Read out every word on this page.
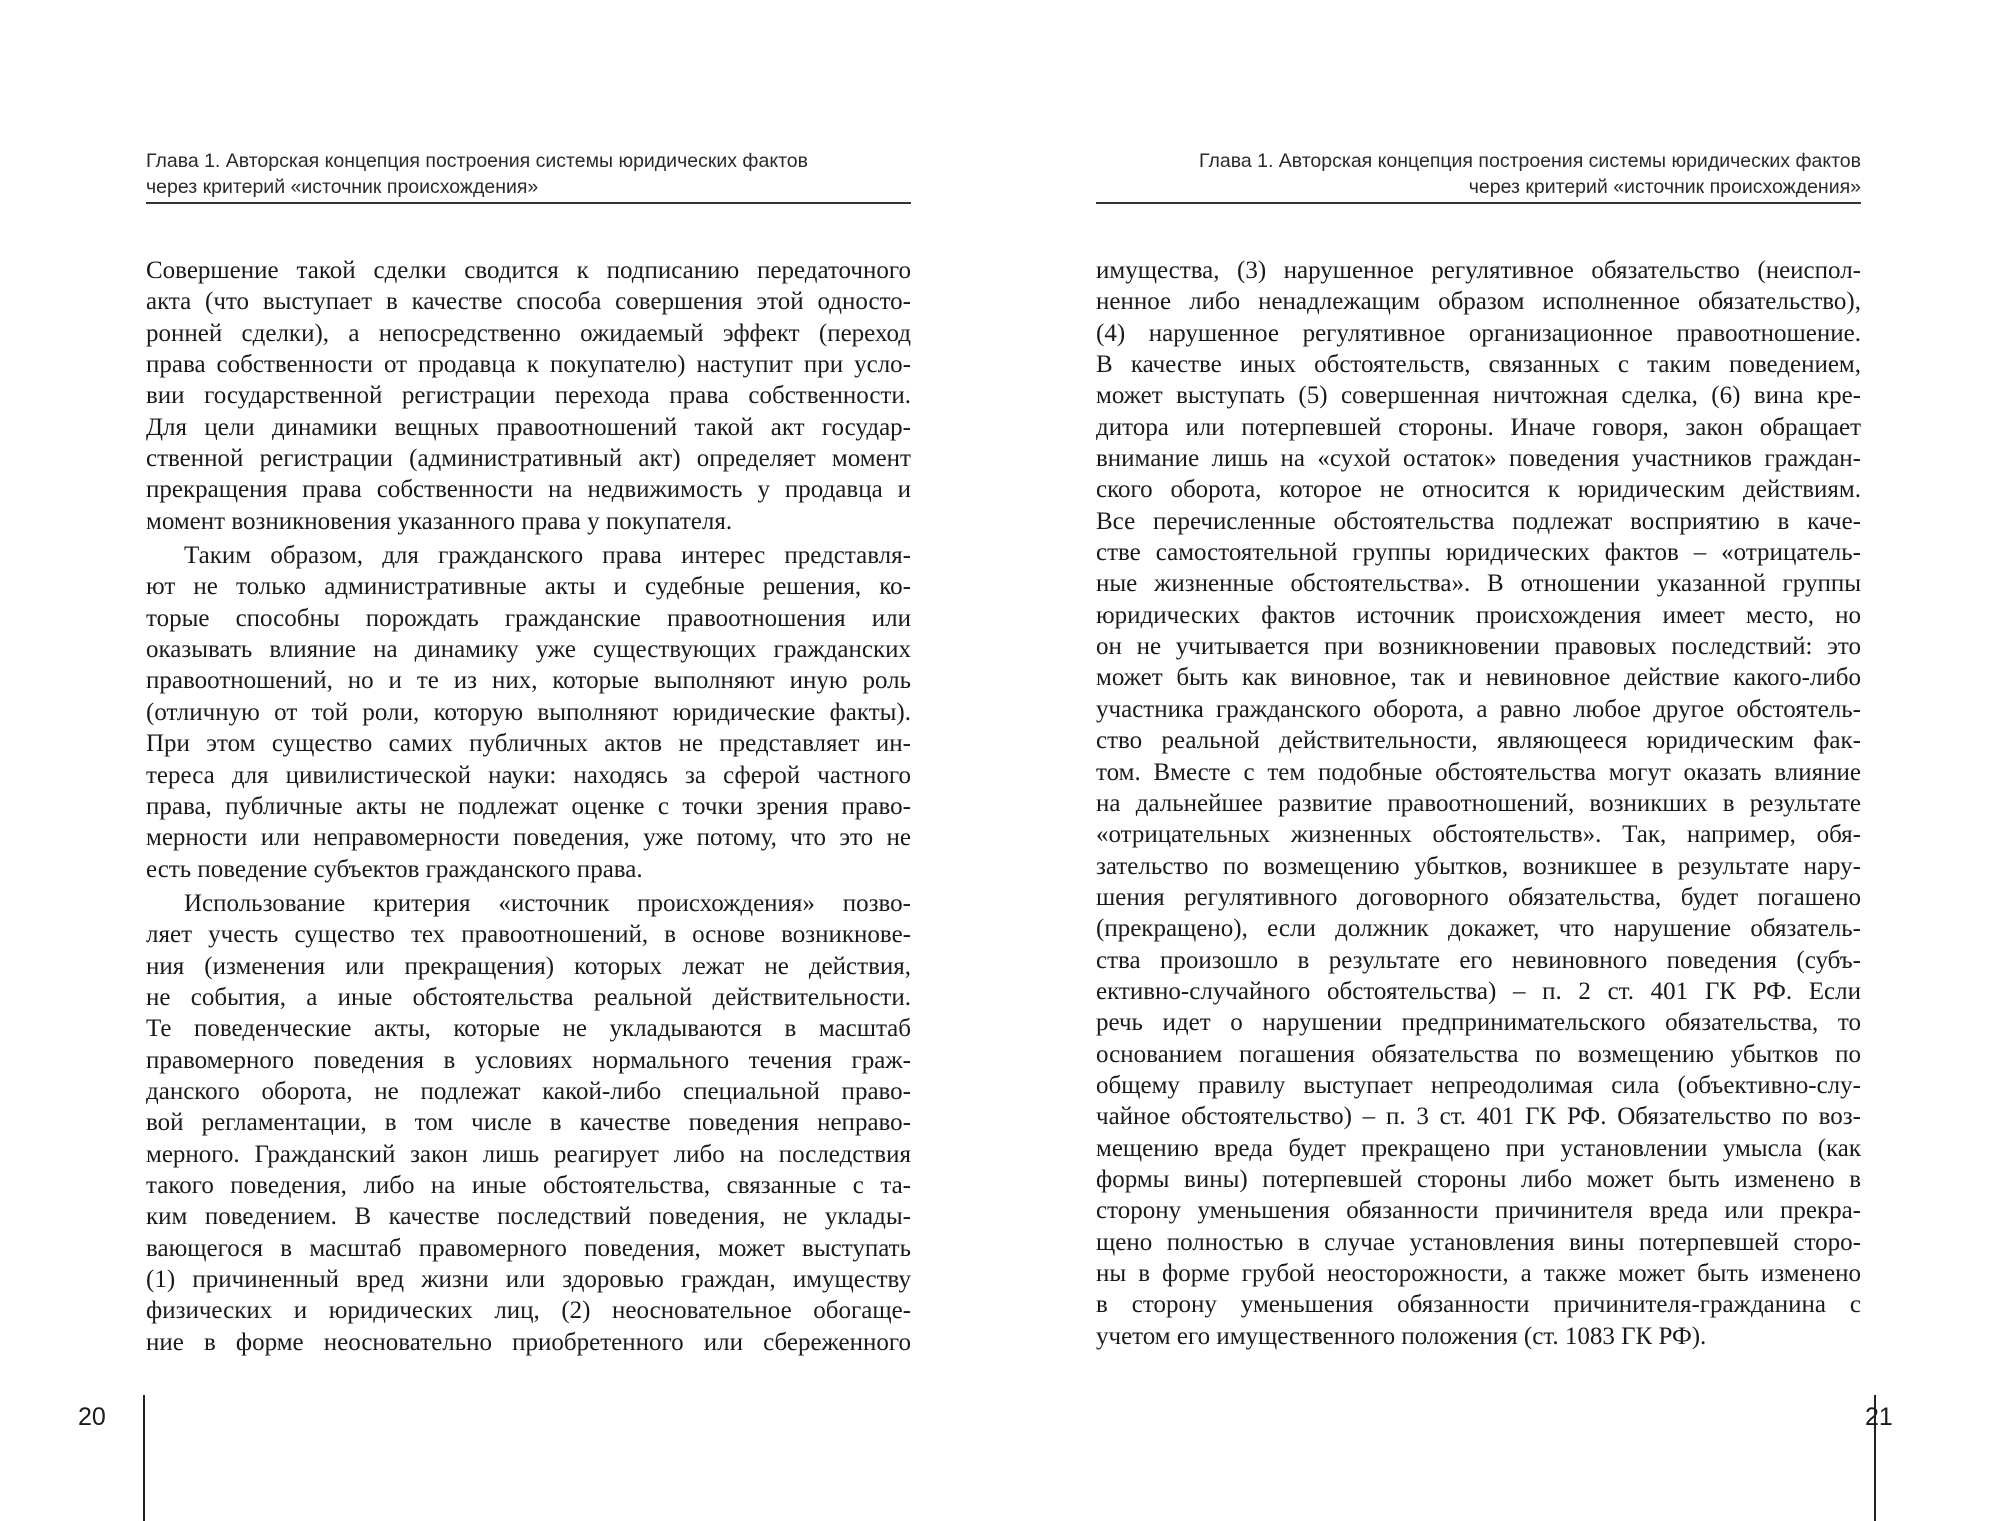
Глава 1. Авторская концепция построения системы юридических фактов
через критерий «источник происхождения»
Совершение такой сделки сводится к подписанию передаточного
акта (что выступает в качестве способа совершения этой односто-
ронней сделки), а непосредственно ожидаемый эффект (переход
права собственности от продавца к покупателю) наступит при усло-
вии государственной регистрации перехода права собственности.
Для цели динамики вещных правоотношений такой акт государ-
ственной регистрации (административный акт) определяет момент
прекращения права собственности на недвижимость у продавца и
момент возникновения указанного права у покупателя.
Таким образом, для гражданского права интерес представля-
ют не только административные акты и судебные решения, ко-
торые способны порождать гражданские правоотношения или
оказывать влияние на динамику уже существующих гражданских
правоотношений, но и те из них, которые выполняют иную роль
(отличную от той роли, которую выполняют юридические факты).
При этом существо самих публичных актов не представляет ин-
тереса для цивилистической науки: находясь за сферой частного
права, публичные акты не подлежат оценке с точки зрения право-
мерности или неправомерности поведения, уже потому, что это не
есть поведение субъектов гражданского права.
Использование критерия «источник происхождения» позво-
ляет учесть существо тех правоотношений, в основе возникнове-
ния (изменения или прекращения) которых лежат не действия,
не события, а иные обстоятельства реальной действительности.
Те поведенческие акты, которые не укладываются в масштаб
правомерного поведения в условиях нормального течения граж-
данского оборота, не подлежат какой-либо специальной право-
вой регламентации, в том числе в качестве поведения неправо-
мерного. Гражданский закон лишь реагирует либо на последствия
такого поведения, либо на иные обстоятельства, связанные с та-
ким поведением. В качестве последствий поведения, не уклады-
вающегося в масштаб правомерного поведения, может выступать
(1) причиненный вред жизни или здоровью граждан, имуществу
физических и юридических лиц, (2) неосновательное обогаще-
ние в форме неосновательно приобретенного или сбереженного
20
Глава 1. Авторская концепция построения системы юридических фактов
через критерий «источник происхождения»
имущества, (3) нарушенное регулятивное обязательство (неиспол-
ненное либо ненадлежащим образом исполненное обязательство),
(4) нарушенное регулятивное организационное правоотношение.
В качестве иных обстоятельств, связанных с таким поведением,
может выступать (5) совершенная ничтожная сделка, (6) вина кре-
дитора или потерпевшей стороны. Иначе говоря, закон обращает
внимание лишь на «сухой остаток» поведения участников граждан-
ского оборота, которое не относится к юридическим действиям.
Все перечисленные обстоятельства подлежат восприятию в каче-
стве самостоятельной группы юридических фактов – «отрицатель-
ные жизненные обстоятельства». В отношении указанной группы
юридических фактов источник происхождения имеет место, но
он не учитывается при возникновении правовых последствий: это
может быть как виновное, так и невиновное действие какого-либо
участника гражданского оборота, а равно любое другое обстоятель-
ство реальной действительности, являющееся юридическим фак-
том. Вместе с тем подобные обстоятельства могут оказать влияние
на дальнейшее развитие правоотношений, возникших в результате
«отрицательных жизненных обстоятельств». Так, например, обя-
зательство по возмещению убытков, возникшее в результате нару-
шения регулятивного договорного обязательства, будет погашено
(прекращено), если должник докажет, что нарушение обязатель-
ства произошло в результате его невиновного поведения (субъ-
ективно-случайного обстоятельства) – п. 2 ст. 401 ГК РФ. Если
речь идет о нарушении предпринимательского обязательства, то
основанием погашения обязательства по возмещению убытков по
общему правилу выступает непреодолимая сила (объективно-слу-
чайное обстоятельство) – п. 3 ст. 401 ГК РФ. Обязательство по воз-
мещению вреда будет прекращено при установлении умысла (как
формы вины) потерпевшей стороны либо может быть изменено в
сторону уменьшения обязанности причинителя вреда или прекра-
щено полностью в случае установления вины потерпевшей сторо-
ны в форме грубой неосторожности, а также может быть изменено
в сторону уменьшения обязанности причинителя-гражданина с
учетом его имущественного положения (ст. 1083 ГК РФ).
21
